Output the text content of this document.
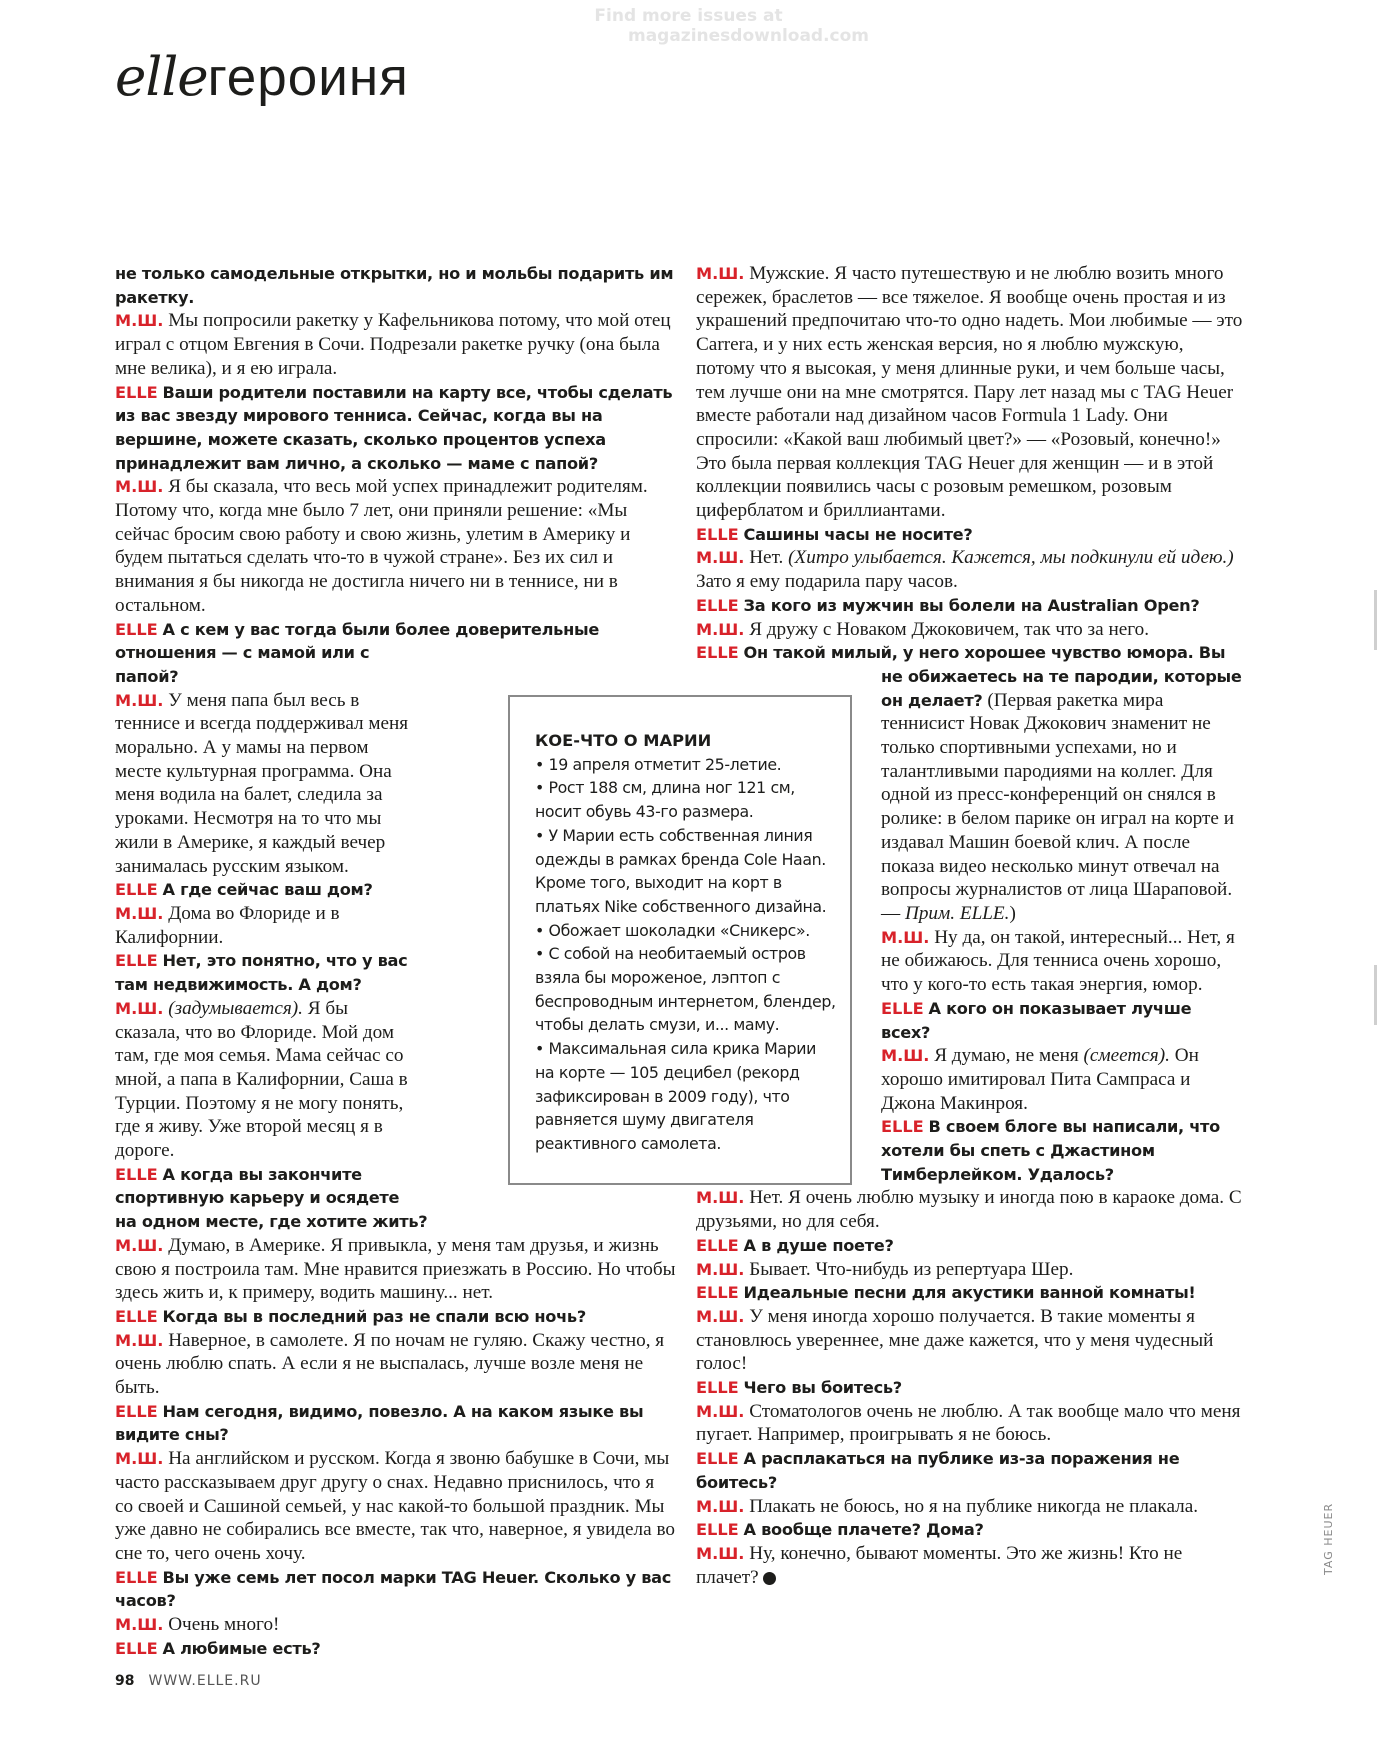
Find more issues at
magazinesdownload.com
elleгероиня

не только самодельные открытки, но и мольбы подарить им ракетку.

М.Ш. Мы попросили ракетку у Кафельникова потому, что мой отец играл с отцом Евгения в Сочи. Подрезали ракетке ручку (она была мне велика), и я ею играла.

ELLE Ваши родители поставили на карту все, чтобы сделать из вас звезду мирового тенниса. Сейчас, когда вы на вершине, можете сказать, сколько процентов успеха принадлежит вам лично, а сколько — маме с папой?

М.Ш. Я бы сказала, что весь мой успех принадлежит родителям. Потому что, когда мне было 7 лет, они приняли решение: «Мы сейчас бросим свою работу и свою жизнь, улетим в Америку и будем пытаться сделать что-то в чужой стране». Без их сил и внимания я бы никогда не достигла ничего ни в теннисе, ни в остальном.

ELLE А с кем у вас тогда были более доверительные отношения — с мамой или с папой?

М.Ш. У меня папа был весь в теннисе и всегда поддерживал меня морально. А у мамы на первом месте культурная программа. Она меня водила на балет, следила за уроками. Несмотря на то что мы жили в Америке, я каждый вечер занималась русским языком.

ELLE А где сейчас ваш дом?

М.Ш. Дома во Флориде и в Калифорнии.

ELLE Нет, это понятно, что у вас там недвижимость. А дом?

М.Ш. (задумывается). Я бы сказала, что во Флориде. Мой дом там, где моя семья. Мама сейчас со мной, а папа в Калифорнии, Саша в Турции. Поэтому я не могу понять, где я живу. Уже второй месяц я в дороге.

ELLE А когда вы закончите спортивную карьеру и осядете на одном месте, где хотите жить?

М.Ш. Думаю, в Америке. Я привыкла, у меня там друзья, и жизнь свою я построила там. Мне нравится приезжать в Россию. Но чтобы здесь жить и, к примеру, водить машину... нет.

ELLE Когда вы в последний раз не спали всю ночь?

М.Ш. Наверное, в самолете. Я по ночам не гуляю. Скажу честно, я очень люблю спать. А если я не выспалась, лучше возле меня не быть.

ELLE Нам сегодня, видимо, повезло. А на каком языке вы видите сны?

М.Ш. На английском и русском. Когда я звоню бабушке в Сочи, мы часто рассказываем друг другу о снах. Недавно приснилось, что я со своей и Сашиной семьей, у нас какой-то большой праздник. Мы уже давно не собирались все вместе, так что, наверное, я увидела во сне то, чего очень хочу.

ELLE Вы уже семь лет посол марки TAG Heuer. Сколько у вас часов?

М.Ш. Очень много!

ELLE А любимые есть?

М.Ш. Мужские. Я часто путешествую и не люблю возить много сережек, браслетов — все тяжелое. Я вообще очень простая и из украшений предпочитаю что-то одно надеть. Мои любимые — это Carrera, и у них есть женская версия, но я люблю мужскую, потому что я высокая, у меня длинные руки, и чем больше часы, тем лучше они на мне смотрятся. Пару лет назад мы с TAG Heuer вместе работали над дизайном часов Formula 1 Lady. Они спросили: «Какой ваш любимый цвет?» — «Розовый, конечно!» Это была первая коллекция TAG Heuer для женщин — и в этой коллекции появились часы с розовым ремешком, розовым циферблатом и бриллиантами.

ELLE Сашины часы не носите?

М.Ш. Нет. (Хитро улыбается. Кажется, мы подкинули ей идею.) Зато я ему подарила пару часов.

ELLE За кого из мужчин вы болели на Australian Open?

М.Ш. Я дружу с Новаком Джоковичем, так что за него.

ELLE Он такой милый, у него хорошее чувство юмора. Вы не обижаетесь на те пародии, которые он делает? (Первая ракетка мира теннисист Новак Джокович знаменит не только спортивными успехами, но и талантливыми пародиями на коллег. Для одной из пресс-конференций он снялся в ролике: в белом парике он играл на корте и издавал Машин боевой клич. А после показа видео несколько минут отвечал на вопросы журналистов от лица Шараповой. — Прим. ELLE.)

М.Ш. Ну да, он такой, интересный... Нет, я не обижаюсь. Для тенниса очень хорошо, что у кого-то есть такая энергия, юмор.

ELLE А кого он показывает лучше всех?

М.Ш. Я думаю, не меня (смеется). Он хорошо имитировал Пита Сампраса и Джона Макинроя.

ELLE В своем блоге вы написали, что хотели бы спеть с Джастином Тимберлейком. Удалось?

М.Ш. Нет. Я очень люблю музыку и иногда пою в караоке дома. С друзьями, но для себя.

ELLE А в душе поете?

М.Ш. Бывает. Что-нибудь из репертуара Шер.

ELLE Идеальные песни для акустики ванной комнаты!

М.Ш. У меня иногда хорошо получается. В такие моменты я становлюсь увереннее, мне даже кажется, что у меня чудесный голос!

ELLE Чего вы боитесь?

М.Ш. Стоматологов очень не люблю. А так вообще мало что меня пугает. Например, проигрывать я не боюсь.

ELLE А расплакаться на публике из-за поражения не боитесь?

М.Ш. Плакать не боюсь, но я на публике никогда не плакала.

ELLE А вообще плачете? Дома?

М.Ш. Ну, конечно, бывают моменты. Это же жизнь! Кто не плачет?

КОЕ-ЧТО О МАРИИ
• 19 апреля отметит 25-летие.
• Рост 188 см, длина ног 121 см, носит обувь 43-го размера.
• У Марии есть собственная линия одежды в рамках бренда Cole Haan. Кроме того, выходит на корт в платьях Nike собственного дизайна.
• Обожает шоколадки «Сникерс».
• С собой на необитаемый остров взяла бы мороженое, лэптоп с беспроводным интернетом, блендер, чтобы делать смузи, и... маму.
• Максимальная сила крика Марии на корте — 105 децибел (рекорд зафиксирован в 2009 году), что равняется шуму двигателя реактивного самолета.
98 WWW.ELLE.RU
TAG HEUER
